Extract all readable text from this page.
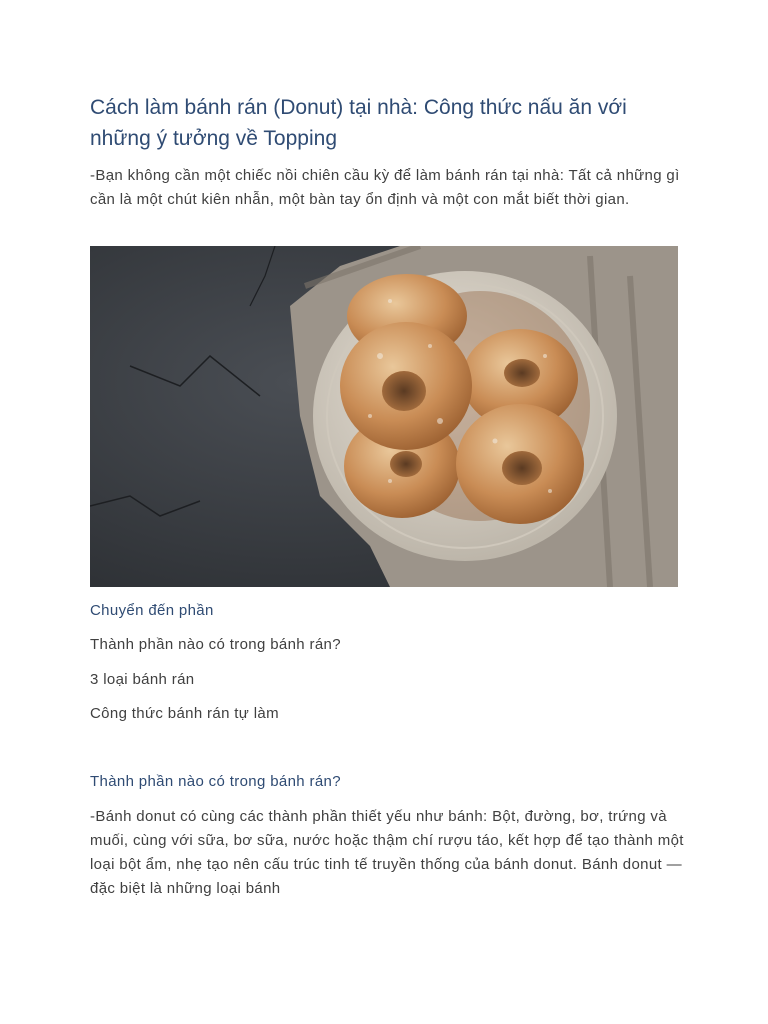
Cách làm bánh rán (Donut) tại nhà: Công thức nấu ăn với những ý tưởng về Topping

-Bạn không cần một chiếc nồi chiên cầu kỳ để làm bánh rán tại nhà: Tất cả những gì cần là một chút kiên nhẫn, một bàn tay ổn định và một con mắt biết thời gian.

Chuyển đến phần

Thành phần nào có trong bánh rán?

3 loại bánh rán

Công thức bánh rán tự làm

Thành phần nào có trong bánh rán?

-Bánh donut có cùng các thành phần thiết yếu như bánh: Bột, đường, bơ, trứng và muối, cùng với sữa, bơ sữa, nước hoặc thậm chí rượu táo, kết hợp để tạo thành một loại bột ẩm, nhẹ tạo nên cấu trúc tinh tế truyền thống của bánh donut. Bánh donut — đặc biệt là những loại bánh
